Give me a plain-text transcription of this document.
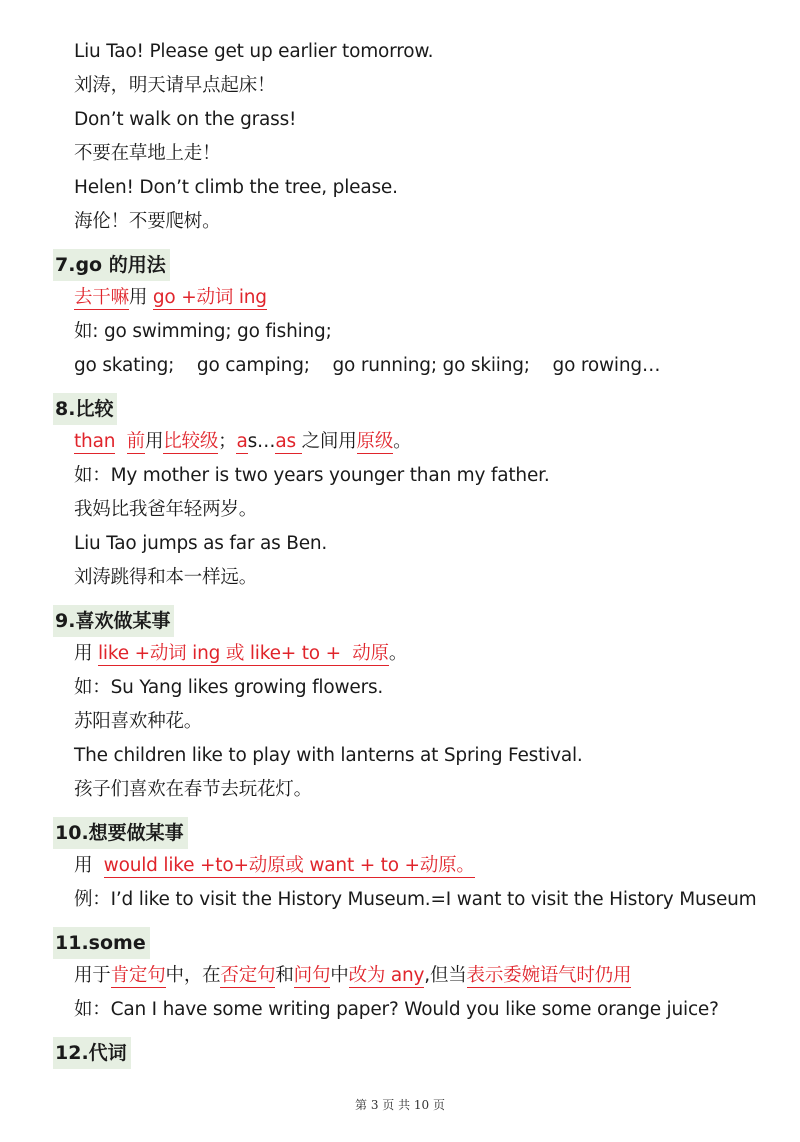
Liu Tao! Please get up earlier tomorrow.
刘涛，明天请早点起床！
Don’t walk on the grass!
不要在草地上走！
Helen! Don’t climb the tree, please.
海伦！不要爬树。
7.go 的用法
去干嘛用 go +动词 ing
如: go swimming; go fishing;
go skating;    go camping;    go running; go skiing;    go rowing…
8.比较
than 前用比较级；as…as 之间用原级。
如：My mother is two years younger than my father.
我妈比我爸年轻两岁。
Liu Tao jumps as far as Ben.
刘涛跳得和本一样远。
9.喜欢做某事
用 like +动词 ing 或 like+ to +  动原。
如：Su Yang likes growing flowers.
苏阳喜欢种花。
The children like to play with lanterns at Spring Festival.
孩子们喜欢在春节去玩花灯。
10.想要做某事
用  would like +to+动原或 want + to +动原。
例：I’d like to visit the History Museum.=I want to visit the History Museum
11.some
用于肯定句中，在否定句和问句中改为 any,但当表示委婉语气时仍用
如：Can I have some writing paper? Would you like some orange juice?
12.代词
第 3 页 共 10 页
